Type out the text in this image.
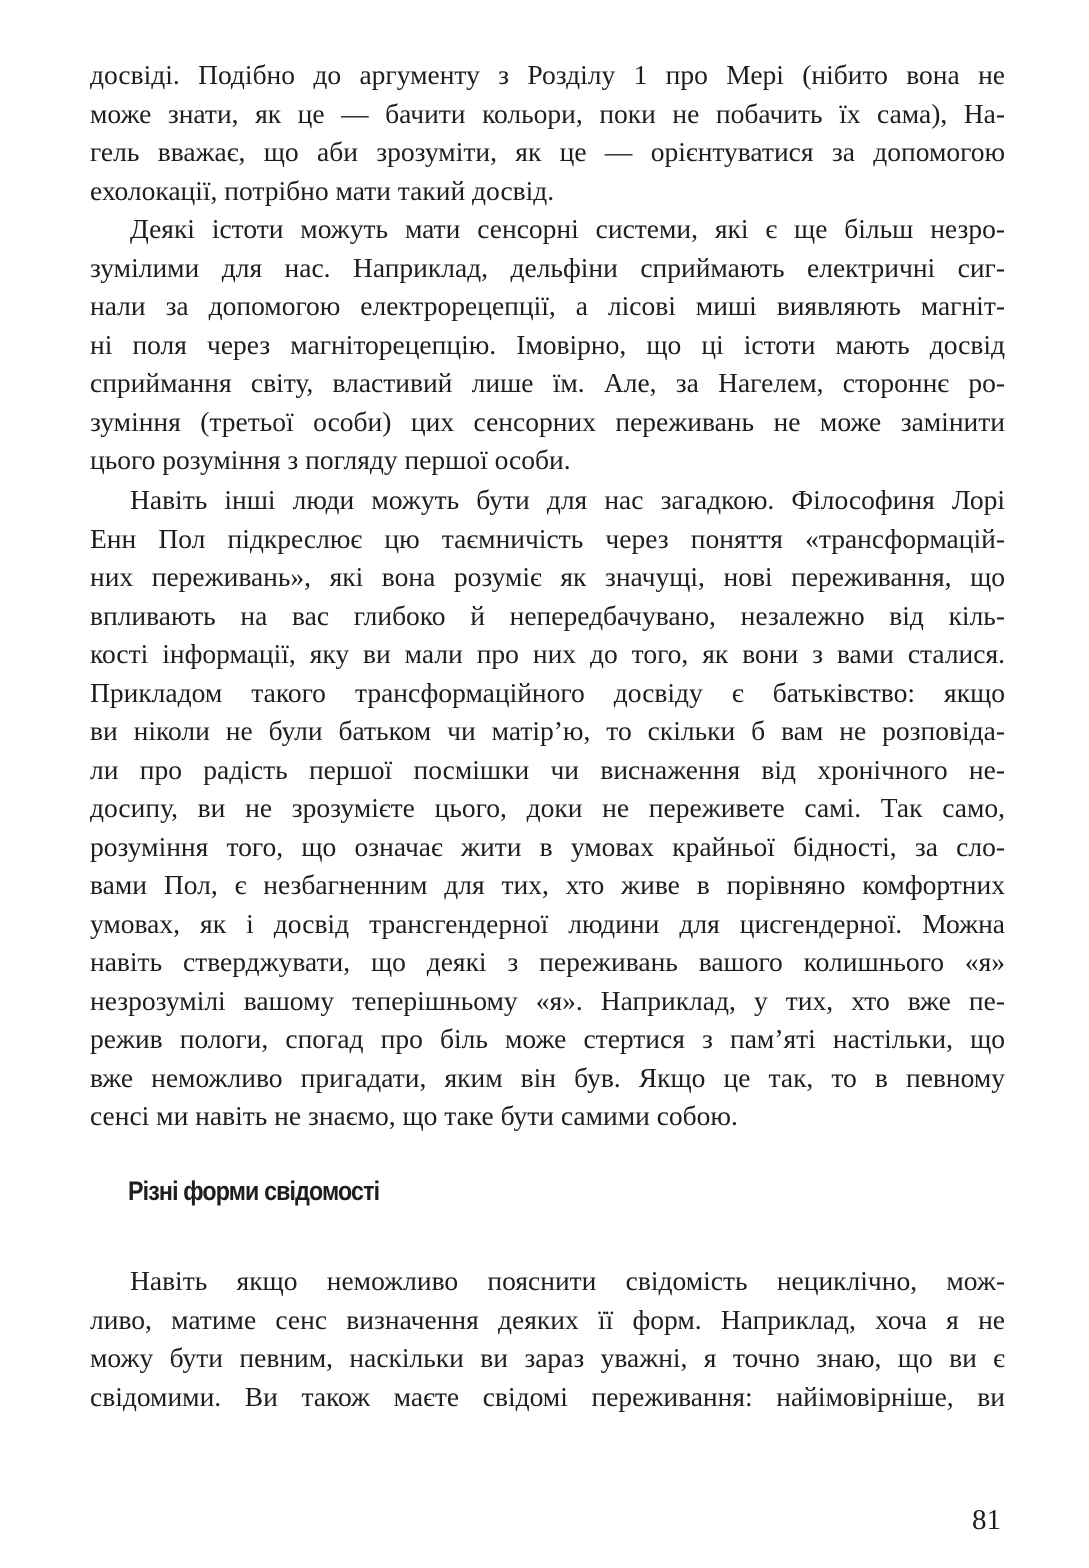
досвіді. Подібно до аргументу з Розділу 1 про Мері (нібито вона не
може знати, як це — бачити кольори, поки не побачить їх сама), На-
гель вважає, що аби зрозуміти, як це — орієнтуватися за допомогою
ехолокації, потрібно мати такий досвід.
Деякі істоти можуть мати сенсорні системи, які є ще більш незро-
зумілими для нас. Наприклад, дельфіни сприймають електричні сиг-
нали за допомогою електрорецепції, а лісові миші виявляють магніт-
ні поля через магніторецепцію. Імовірно, що ці істоти мають досвід
сприймання світу, властивий лише їм. Але, за Нагелем, стороннє ро-
зуміння (третьої особи) цих сенсорних переживань не може замінити
цього розуміння з погляду першої особи.
Навіть інші люди можуть бути для нас загадкою. Філософиня Лорі
Енн Пол підкреслює цю таємничість через поняття «трансформацій-
них переживань», які вона розуміє як значущі, нові переживання, що
впливають на вас глибоко й непередбачувано, незалежно від кіль-
кості інформації, яку ви мали про них до того, як вони з вами сталися.
Прикладом такого трансформаційного досвіду є батьківство: якщо
ви ніколи не були батьком чи матір’ю, то скільки б вам не розповіда-
ли про радість першої посмішки чи виснаження від хронічного не-
досипу, ви не зрозумієте цього, доки не переживете самі. Так само,
розуміння того, що означає жити в умовах крайньої бідності, за сло-
вами Пол, є незбагненним для тих, хто живе в порівняно комфортних
умовах, як і досвід трансгендерної людини для цисгендерної. Можна
навіть стверджувати, що деякі з переживань вашого колишнього «я»
незрозумілі вашому теперішньому «я». Наприклад, у тих, хто вже пе-
режив пологи, спогад про біль може стертися з пам’яті настільки, що
вже неможливо пригадати, яким він був. Якщо це так, то в певному
сенсі ми навіть не знаємо, що таке бути самими собою.
Різні форми свідомості
Навіть якщо неможливо пояснити свідомість нециклічно, мож-
ливо, матиме сенс визначення деяких її форм. Наприклад, хоча я не
можу бути певним, наскільки ви зараз уважні, я точно знаю, що ви є
свідомими. Ви також маєте свідомі переживання: найімовірніше, ви
81
